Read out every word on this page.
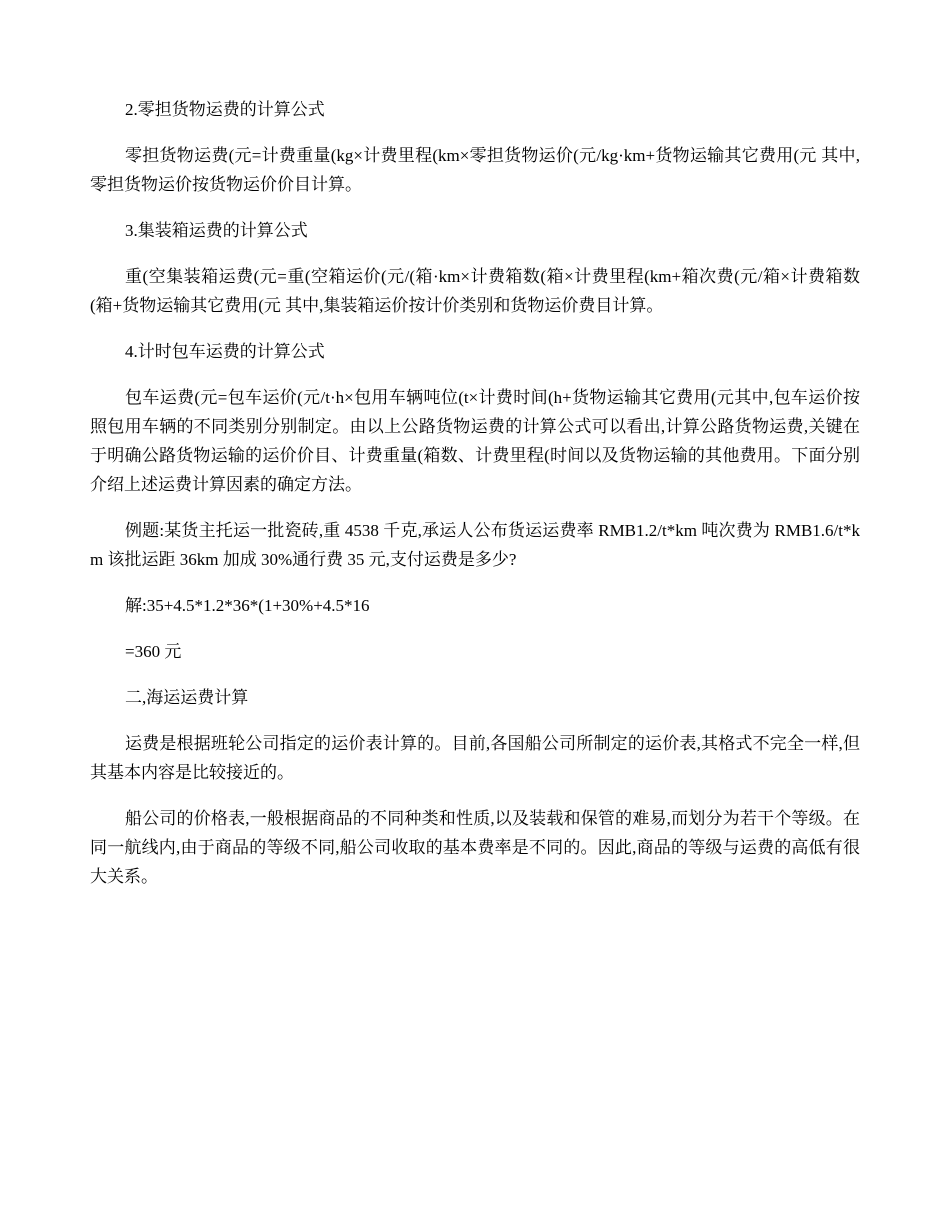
2.零担货物运费的计算公式

零担货物运费(元=计费重量(kg×计费里程(km×零担货物运价(元/kg·km+货物运输其它费用(元 其中,零担货物运价按货物运价价目计算。

3.集装箱运费的计算公式

重(空集装箱运费(元=重(空箱运价(元/(箱·km×计费箱数(箱×计费里程(km+箱次费(元/箱×计费箱数(箱+货物运输其它费用(元 其中,集装箱运价按计价类别和货物运价费目计算。

4.计时包车运费的计算公式

包车运费(元=包车运价(元/t·h×包用车辆吨位(t×计费时间(h+货物运输其它费用(元其中,包车运价按照包用车辆的不同类别分别制定。由以上公路货物运费的计算公式可以看出,计算公路货物运费,关键在于明确公路货物运输的运价价目、计费重量(箱数、计费里程(时间以及货物运输的其他费用。下面分别介绍上述运费计算因素的确定方法。

例题:某货主托运一批瓷砖,重 4538 千克,承运人公布货运运费率 RMB1.2/t*km 吨次费为 RMB1.6/t*km 该批运距 36km 加成 30%通行费 35 元,支付运费是多少?

解:35+4.5*1.2*36*(1+30%+4.5*16

=360 元

二,海运运费计算

运费是根据班轮公司指定的运价表计算的。目前,各国船公司所制定的运价表,其格式不完全一样,但其基本内容是比较接近的。

船公司的价格表,一般根据商品的不同种类和性质,以及装载和保管的难易,而划分为若干个等级。在同一航线内,由于商品的等级不同,船公司收取的基本费率是不同的。因此,商品的等级与运费的高低有很大关系。
